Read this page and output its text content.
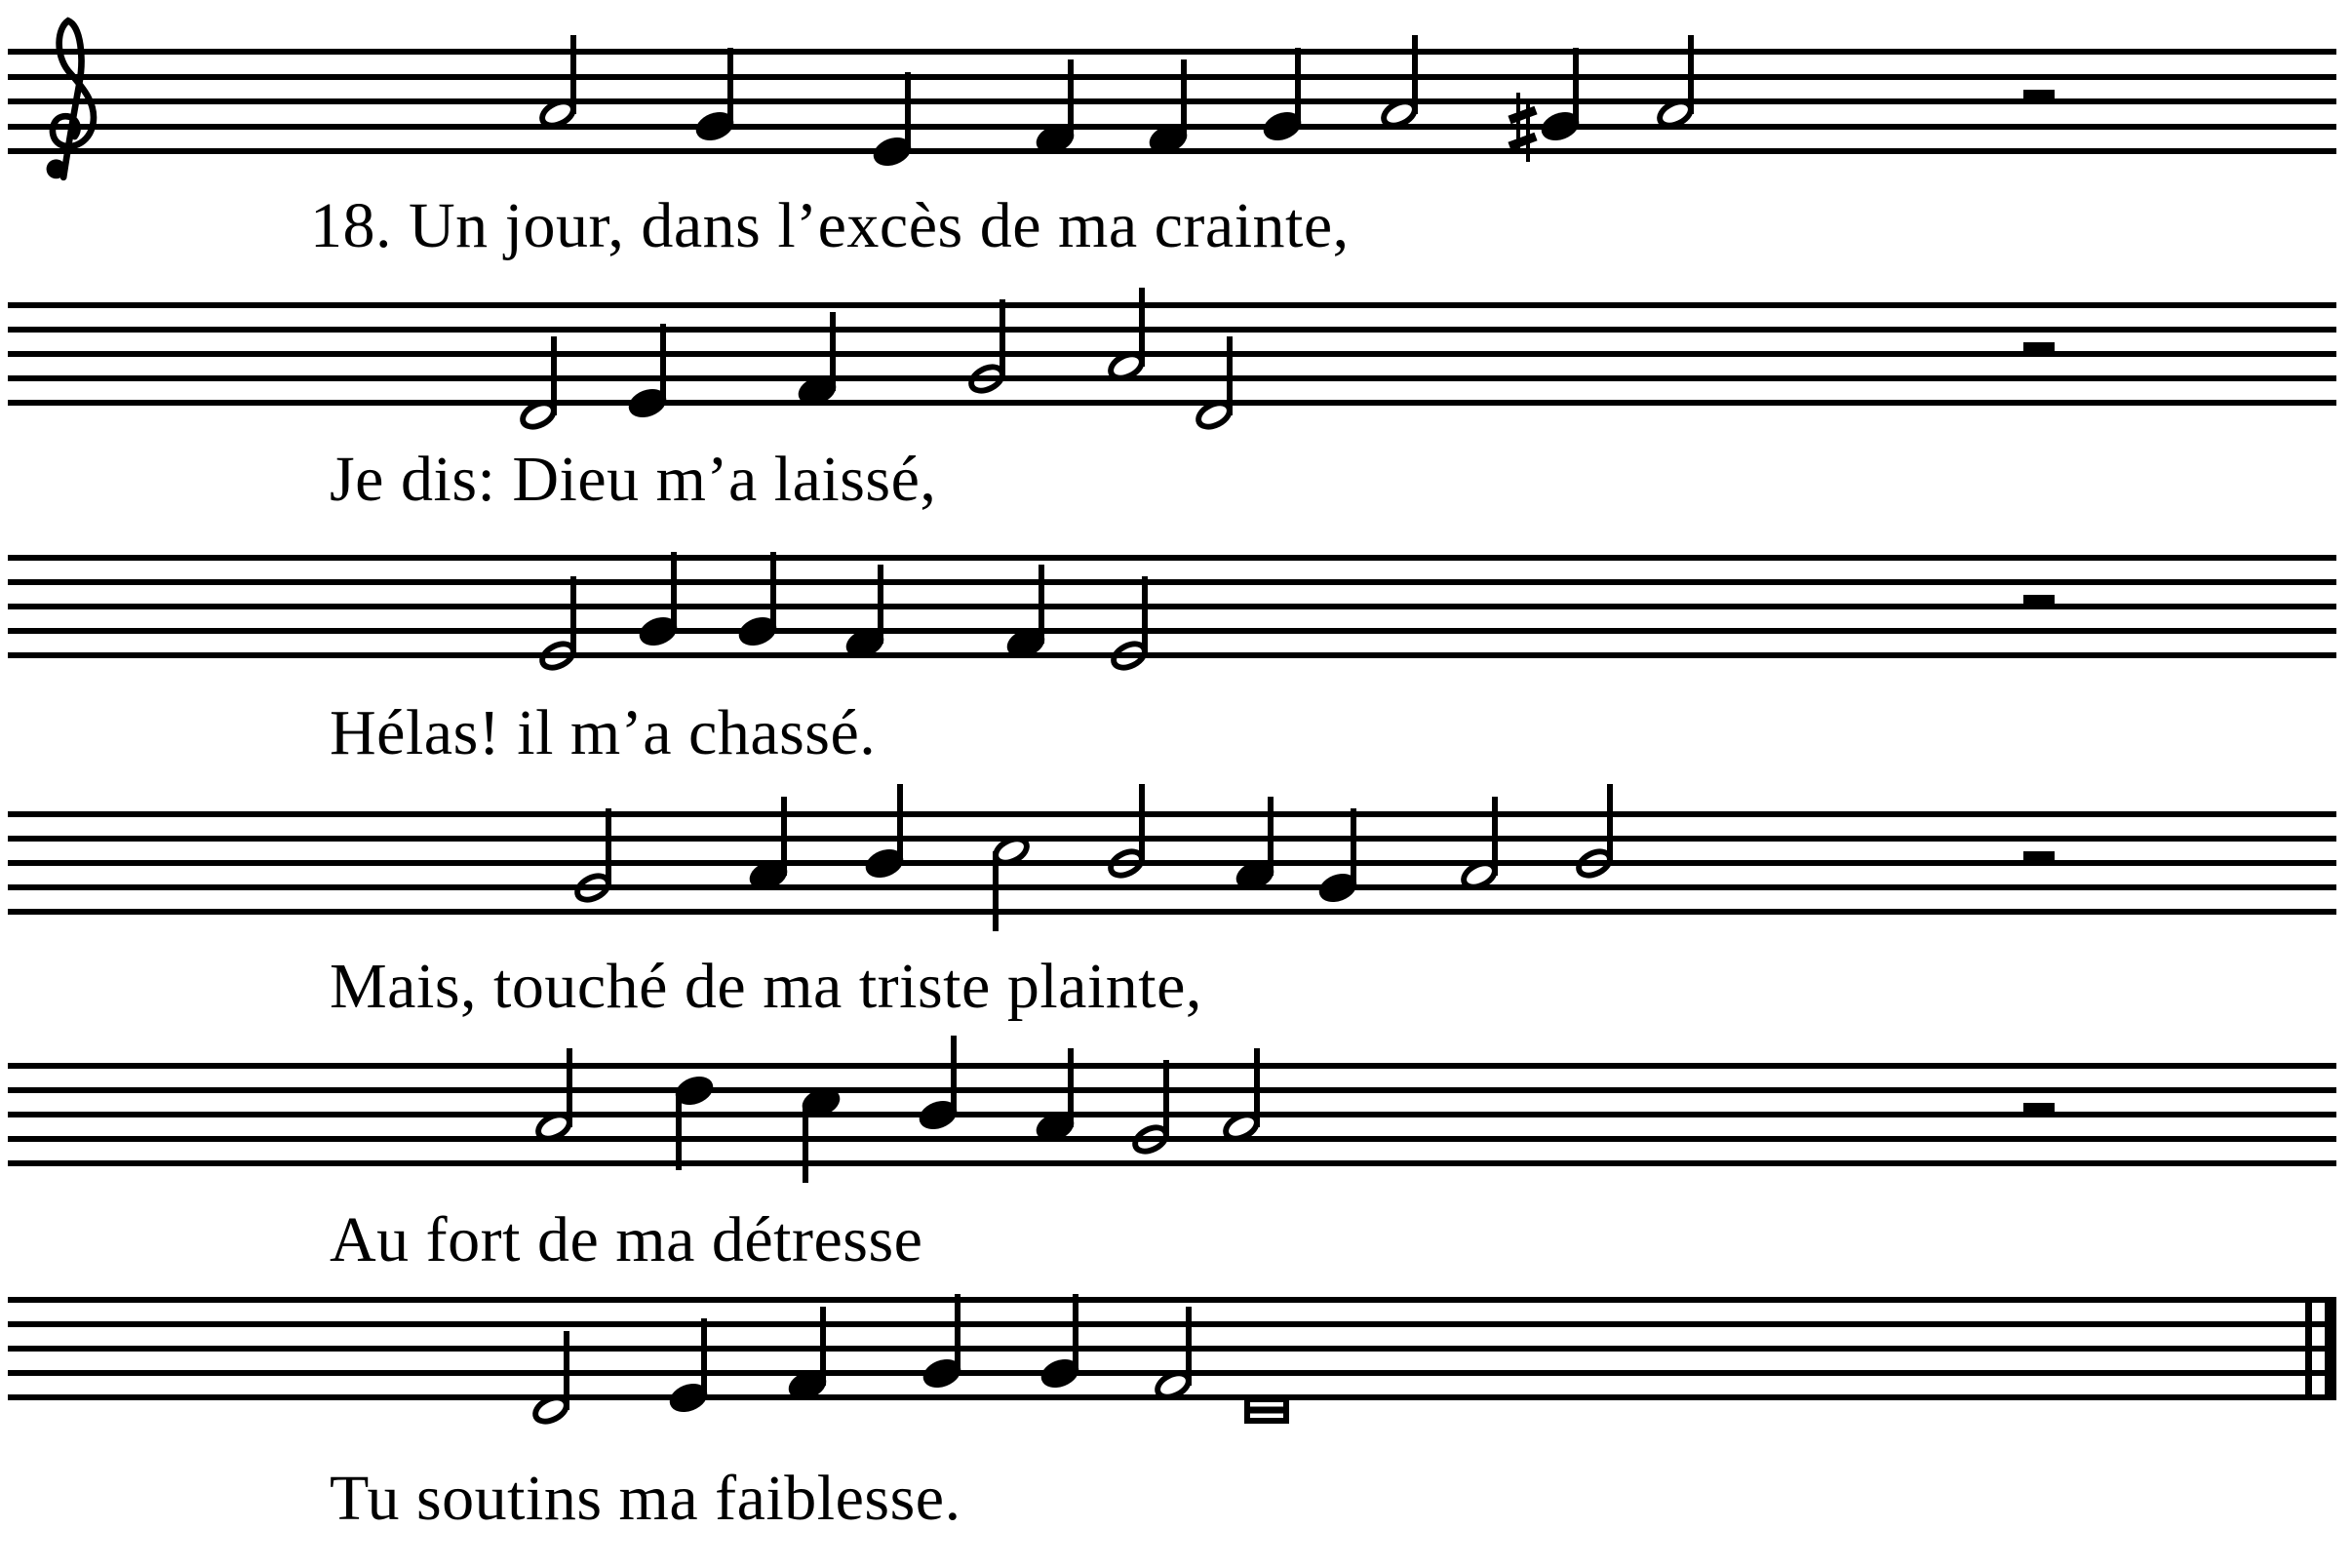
18. Un jour, dans l’excès de ma crainte,
Je dis: Dieu m’a laissé,
Hélas! il m’a chassé.
Mais, touché de ma triste plainte,
Au fort de ma détresse
Tu soutins ma faiblesse.
